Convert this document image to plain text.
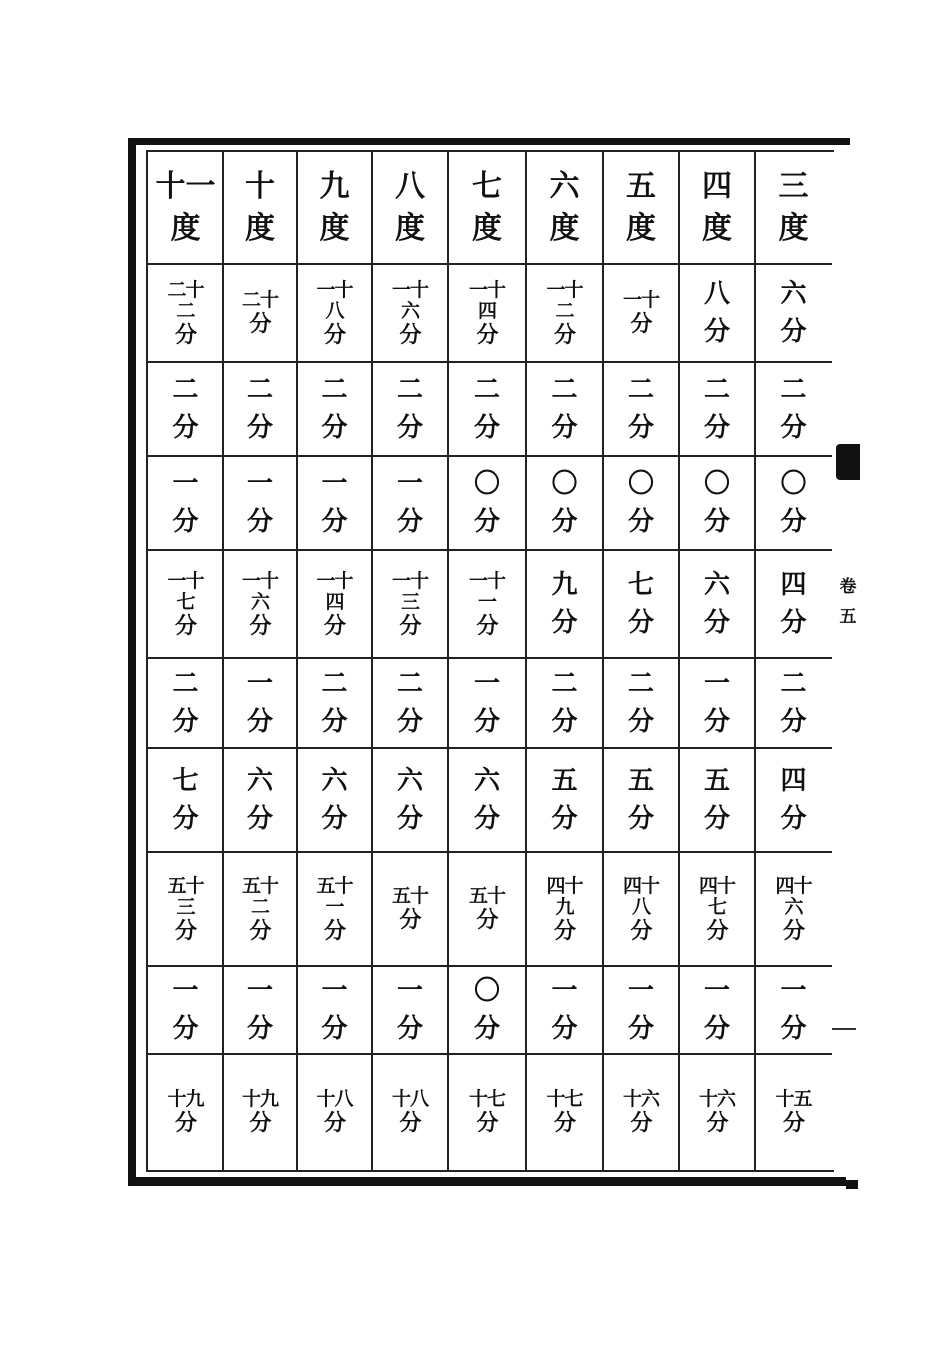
卷
五
十一
度
二十
二
分
二
分
一
分
一十
七
分
二
分
七
分
五十
三
分
一
分
十九
分
十
度
二十
分
二
分
一
分
一十
六
分
一
分
六
分
五十
二
分
一
分
十九
分
九
度
一十
八
分
二
分
一
分
一十
四
分
二
分
六
分
五十
一
分
一
分
十八
分
八
度
一十
六
分
二
分
一
分
一十
三
分
二
分
六
分
五十
分
一
分
十八
分
七
度
一十
四
分
二
分
〇
分
一十
一
分
一
分
六
分
五十
分
〇
分
十七
分
六
度
一十
二
分
二
分
〇
分
九
分
二
分
五
分
四十
九
分
一
分
十七
分
五
度
一十
分
二
分
〇
分
七
分
二
分
五
分
四十
八
分
一
分
十六
分
四
度
八
分
二
分
〇
分
六
分
一
分
五
分
四十
七
分
一
分
十六
分
三
度
六
分
二
分
〇
分
四
分
二
分
四
分
四十
六
分
一
分
十五
分
